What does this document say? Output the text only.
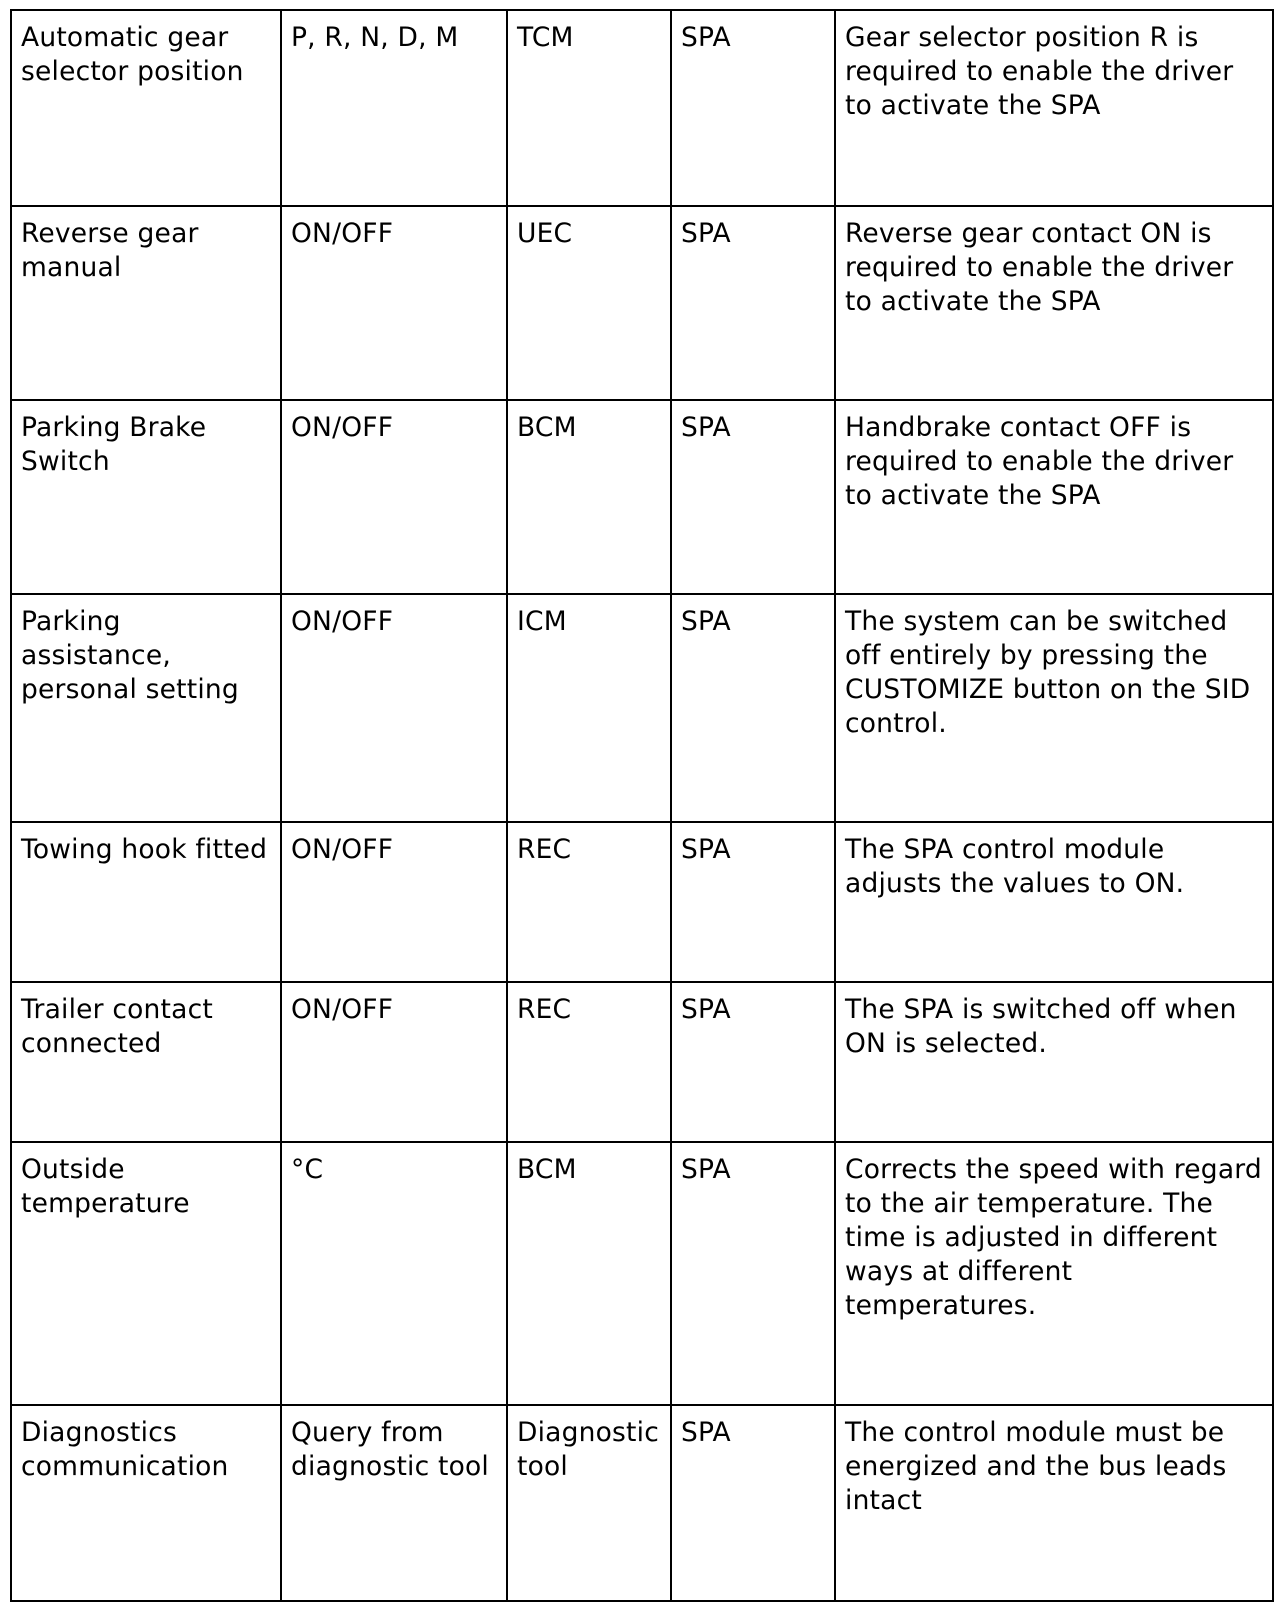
Automatic gear selector position	P, R, N, D, M	TCM	SPA	Gear selector position R is required to enable the driver to activate the SPA
Reverse gear manual	ON/OFF	UEC	SPA	Reverse gear contact ON is required to enable the driver to activate the SPA
Parking Brake Switch	ON/OFF	BCM	SPA	Handbrake contact OFF is required to enable the driver to activate the SPA
Parking assistance, personal setting	ON/OFF	ICM	SPA	The system can be switched off entirely by pressing the CUSTOMIZE button on the SID control.
Towing hook fitted	ON/OFF	REC	SPA	The SPA control module adjusts the values to ON.
Trailer contact connected	ON/OFF	REC	SPA	The SPA is switched off when ON is selected.
Outside temperature	°C	BCM	SPA	Corrects the speed with regard to the air temperature. The time is adjusted in different ways at different temperatures.
Diagnostics communication	Query from diagnostic tool	Diagnostic tool	SPA	The control module must be energized and the bus leads intact
